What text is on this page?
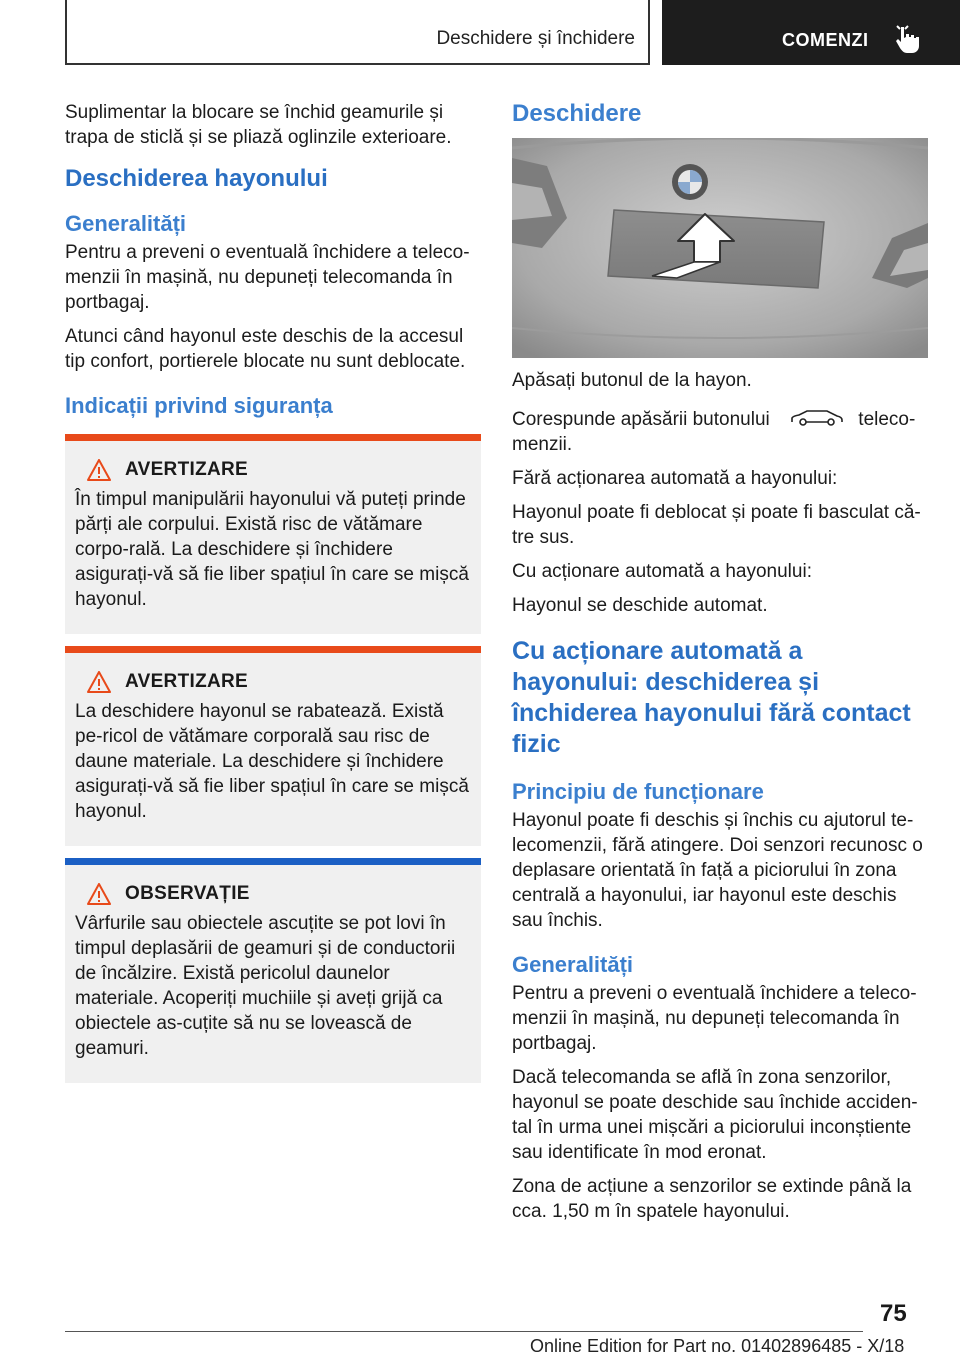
Deschidere și închidere	COMENZI

Suplimentar la blocare se închid geamurile și trapa de sticlă și se pliază oglinzile exterioare.

Deschiderea hayonului
Generalități

Pentru a preveni o eventuală închidere a teleco-menzii în mașină, nu depuneți telecomanda în portbagaj.

Atunci când hayonul este deschis de la accesul tip confort, portierele blocate nu sunt deblocate.

Indicații privind siguranța
AVERTIZARE

În timpul manipulării hayonului vă puteți prinde părți ale corpului. Există risc de vătămare corpo-rală. La deschidere și închidere asigurați-vă să fie liber spațiul în care se mișcă hayonul.

AVERTIZARE

La deschidere hayonul se rabatează. Există pe-ricol de vătămare corporală sau risc de daune materiale. La deschidere și închidere asigurați-vă să fie liber spațiul în care se mișcă hayonul.

OBSERVAȚIE

Vârfurile sau obiectele ascuțite se pot lovi în timpul deplasării de geamuri și de conductorii de încălzire. Există pericolul daunelor materiale. Acoperiți muchiile și aveți grijă ca obiectele as-cuțite să nu se lovească de geamuri.

Deschidere

Apăsați butonul de la hayon.

Corespunde apăsării butonului	teleco-menzii.

Fără acționarea automată a hayonului:

Hayonul poate fi deblocat și poate fi basculat că-tre sus.

Cu acționare automată a hayonului:

Hayonul se deschide automat.

Cu acționare automată a hayonului: deschiderea și închiderea hayonului fără contact fizic
Principiu de funcționare

Hayonul poate fi deschis și închis cu ajutorul te-lecomenzii, fără atingere. Doi senzori recunosc o deplasare orientată în față a piciorului în zona centrală a hayonului, iar hayonul este deschis sau închis.

Generalități

Pentru a preveni o eventuală închidere a teleco-menzii în mașină, nu depuneți telecomanda în portbagaj.

Dacă telecomanda se află în zona senzorilor, hayonul se poate deschide sau închide acciden-tal în urma unei mișcări a piciorului inconștiente sau identificate în mod eronat.

Zona de acțiune a senzorilor se extinde până la cca. 1,50 m în spatele hayonului.

75
Online Edition for Part no. 01402896485 - X/18
